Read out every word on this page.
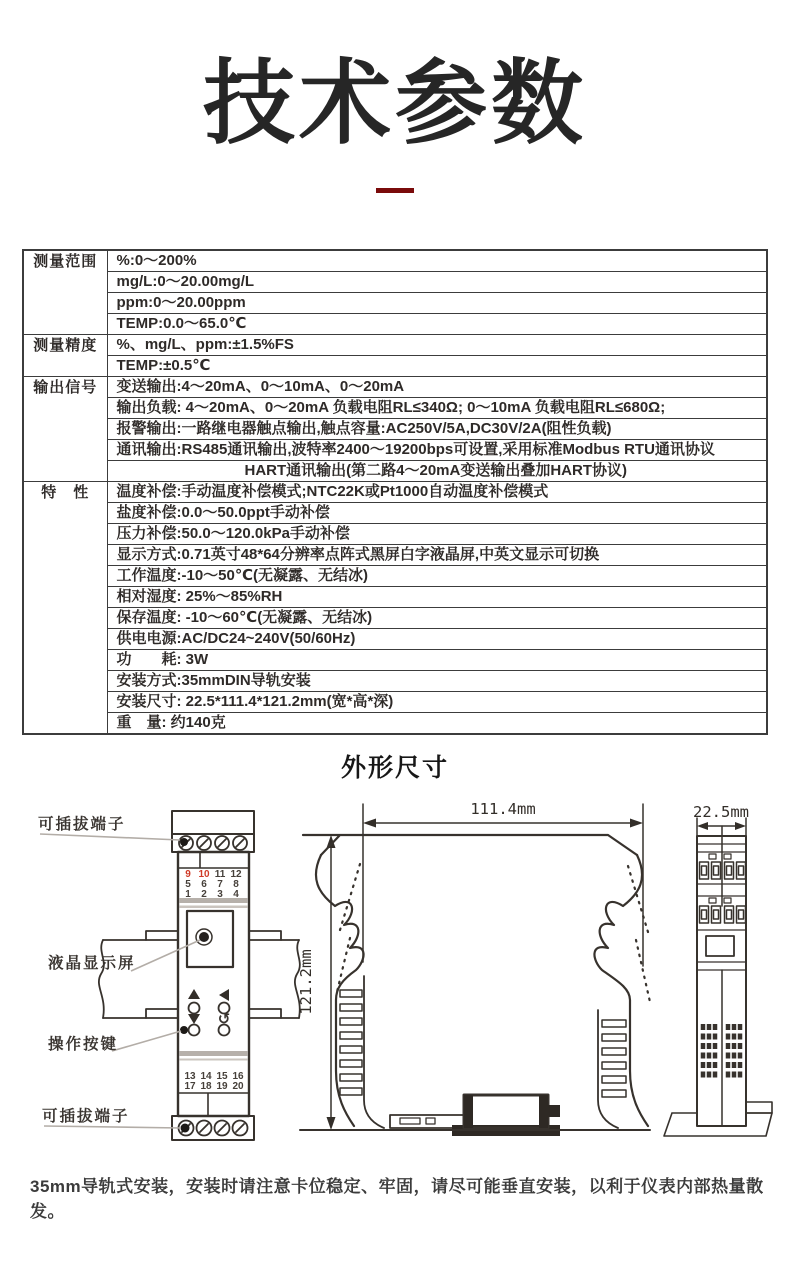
技术参数
测量范围	%:0～200%
	mg/L:0～20.00mg/L
	ppm:0～20.00ppm
	TEMP:0.0～65.0℃
测量精度	%、mg/L、ppm:±1.5%FS
	TEMP:±0.5℃
输出信号	变送输出:4～20mA、0～10mA、0～20mA
	输出负载: 4～20mA、0～20mA 负载电阻RL≤340Ω; 0～10mA 负载电阻RL≤680Ω;
	报警输出:一路继电器触点输出,触点容量:AC250V/5A,DC30V/2A(阻性负载)
	通讯输出:RS485通讯输出,波特率2400～19200bps可设置,采用标准Modbus RTU通讯协议
	HART通讯输出(第二路4～20mA变送输出叠加HART协议)
特　性	温度补偿:手动温度补偿模式;NTC22K或Pt1000自动温度补偿模式
	盐度补偿:0.0～50.0ppt手动补偿
	压力补偿:50.0～120.0kPa手动补偿
	显示方式:0.71英寸48*64分辨率点阵式黑屏白字液晶屏,中英文显示可切换
	工作温度:-10～50℃(无凝露、无结冰)
	相对湿度: 25%～85%RH
	保存温度: -10～60℃(无凝露、无结冰)
	供电电源:AC/DC24~240V(50/60Hz)
	功　　耗: 3W
	安装方式:35mmDIN导轨安装
	安装尺寸: 22.5*111.4*121.2mm(宽*高*深)
	重　量: 约140克
外形尺寸
↺
9 10 11 12
5 6 7 8
1 2 3 4
13 14 15 16
17 18 19 20
可插拔端子
液晶显示屏
操作按键
可插拔端子
111.4mm
121.2mm
22.5mm

35mm导轨式安装，安装时请注意卡位稳定、牢固，请尽可能垂直安装，以利于仪表内部热量散发。
